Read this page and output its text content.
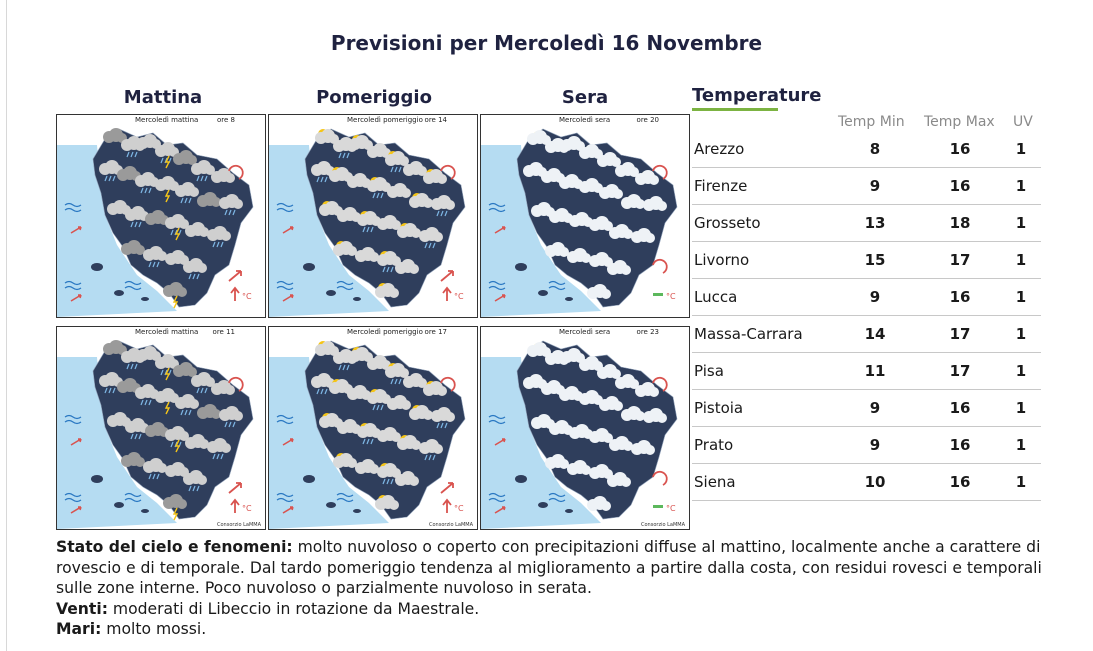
Previsioni per Mercoledì 16 Novembre
Mattina	Pomeriggio	Sera
°C
Mercoledì mattina	ore 8
°C
Mercoledì pomeriggio ore 14
°C
Mercoledì sera	ore 20
°C
Mercoledì mattina ore 11
Consorzio LaMMA
°C
Mercoledì pomeriggio ore 17
Consorzio LaMMA
°C
Mercoledì sera	ore 23
Consorzio LaMMA
Temperature
Temp Min Temp Max UV
Arezzo	8	16	1
Firenze	9	16	1
Grosseto	13	18	1
Livorno	15	17	1
Lucca	9	16	1
Massa-Carrara	14	17	1
Pisa	11	17	1
Pistoia	9	16	1
Prato	9	16	1
Siena	10	16	1
Stato del cielo e fenomeni: molto nuvoloso o coperto con precipitazioni diffuse al mattino, localmente anche a carattere di rovescio e di temporale. Dal tardo pomeriggio tendenza al miglioramento a partire dalla costa, con residui rovesci e temporali sulle zone interne. Poco nuvoloso o parzialmente nuvoloso in serata.
Venti: moderati di Libeccio in rotazione da Maestrale.
Mari: molto mossi.
